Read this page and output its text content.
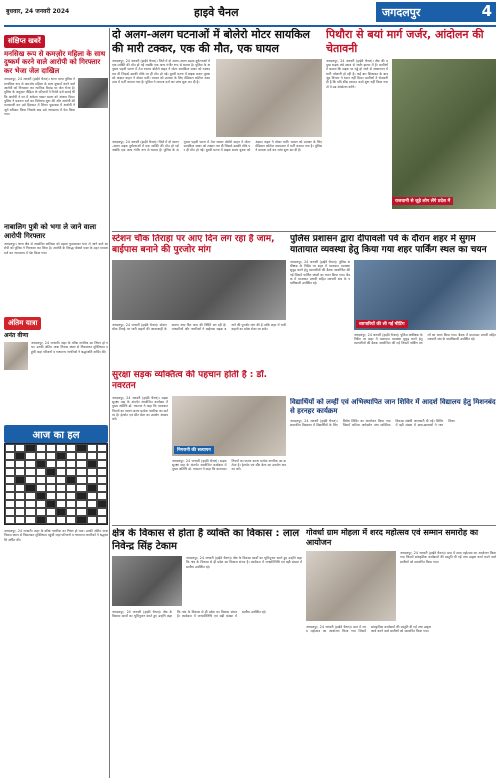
बुधवार, 24 जनवरी 2024	हाइवे चैनल	जगदलपुर	4
संक्षिप्त खबरें
मनसिख रूप से कमज़ोर महिला के साथ दुष्कर्म करने वाले आरोपी को गिरफ्तार कर भेजा जेल दाखिल
जगदलपुर, 24 जनवरी (हाईवे चैनल)। थाना परपा पुलिस ने मानसिक रूप से कमज़ोर महिला के साथ दुष्कर्म करने वाले आरोपी को गिरफ्तार कर न्यायिक रिमांड पर जेल भेजा है। पुलिस के अनुसार पीड़िता के परिजनों ने रिपोर्ट दर्ज कराई थी कि आरोपी ने घर में अकेला पाकर घटना को अंजाम दिया। पुलिस ने प्रकरण दर्ज कर विवेचना शुरू की और आरोपी की पतासाजी कर उसे हिरासत में लिया। पूछताछ में आरोपी ने जुर्म स्वीकार किया जिसके बाद उसे न्यायालय में पेश किया गया।
नाबालिग पुत्री को भगा ले जाने वाला आरोपी गिरफ्तार
जगदलपुर। थाना क्षेत्र से नाबालिग बालिका को बहला फुसलाकर भगा ले जाने वाले आरोपी को पुलिस ने गिरफ्तार कर लिया है। आरोपी के विरुद्ध पॉक्सो एक्ट के तहत मामला दर्ज कर न्यायालय में पेश किया गया।
अंतिम यात्रा
अनंत वीणा
जगदलपुर, 24 जनवरी। शहर के वरिष्ठ नागरिक का निधन हो गया। उनकी अंतिम यात्रा निवास स्थान से निकलकर मुक्तिधाम पहुंची जहां परिजनों व गणमान्य नागरिकों ने श्रद्धांजलि अर्पित की।
आज का हल
जगदलपुर, 24 जनवरी। शहर के वरिष्ठ नागरिक का निधन हो गया। उनकी अंतिम यात्रा निवास स्थान से निकलकर मुक्तिधाम पहुंची जहां परिजनों व गणमान्य नागरिकों ने श्रद्धांजलि अर्पित की।
दो अलग-अलग घटनाओं में बोलेरो मोटर सायकिल की मारी टक्कर, एक की मौत, एक घायल
जगदलपुर, 24 जनवरी (हाईवे चैनल)। जिले में दो अलग-अलग सड़क दुर्घटनाओं में एक व्यक्ति की मौत हो गई जबकि एक अन्य गंभीर रूप से घायल है। पुलिस के अनुसार पहली घटना में तेज रफ्तार बोलेरो वाहन ने मोटर सायकिल सवार को टक्कर मार दी जिससे उसकी मौके पर ही मौत हो गई। दूसरी घटना में बाइक सवार युवक को अज्ञात वाहन ने ठोकर मारी। घायल को उपचार के लिए मेडिकल कॉलेज अस्पताल में भर्ती कराया गया है। पुलिस ने मामला दर्ज कर जांच शुरू कर दी है।
जगदलपुर, 24 जनवरी (हाईवे चैनल)। जिले में दो अलग-अलग सड़क दुर्घटनाओं में एक व्यक्ति की मौत हो गई जबकि एक अन्य गंभीर रूप से घायल है। पुलिस के अनुसार पहली घटना में तेज रफ्तार बोलेरो वाहन ने मोटर सायकिल सवार को टक्कर मार दी जिससे उसकी मौके पर ही मौत हो गई। दूसरी घटना में बाइक सवार युवक को अज्ञात वाहन ने ठोकर मारी। घायल को उपचार के लिए मेडिकल कॉलेज अस्पताल में भर्ती कराया गया है। पुलिस ने मामला दर्ज कर जांच शुरू कर दी है।
पिथौरा से बयां मार्ग जर्जर, आंदोलन की चेतावनी
जगदलपुर, 24 जनवरी (हाईवे चैनल)। क्षेत्र की प्रमुख सड़क लंबे समय से जर्जर हालत में है। ग्रामीणों ने बताया कि सड़क पर गड्ढे हो जाने से आवागमन में भारी परेशानी हो रही है। कई बार शिकायत के बावजूद विभाग ने ध्यान नहीं दिया। ग्रामीणों ने चेतावनी दी है कि यदि शीघ्र मरम्मत कार्य शुरू नहीं किया गया तो वे उग्र आंदोलन करेंगे।
राजधानी से जुड़े लोग लेंगे प्रदेश में
स्टेशन चौक तिराहा पर आए दिन लग रहा है जाम, बाईपास बनाने की पुरजोर मांग
जगदलपुर, 24 जनवरी (हाईवे चैनल)। स्टेशन चौक तिराहे पर भारी वाहनों की आवाजाही के कारण आए दिन जाम की स्थिति बन रही है। व्यापारियों और नागरिकों ने बाईपास सड़क बनाने की पुरजोर मांग की है ताकि शहर में भारी वाहनों का प्रवेश रोका जा सके।
पुलिस प्रशासन द्वारा दीपावली पर्व के दौरान शहर में सुगम यातायात व्यवस्था हेतु किया गया शहर पार्किंग स्थल का चयन
जगदलपुर, 24 जनवरी (हाईवे चैनल)। पुलिस अधीक्षक के निर्देश पर शहर में यातायात व्यवस्था सुदृढ़ करने हेतु व्यापारियों की बैठक आयोजित की गई जिसमें पार्किंग स्थलों का चयन किया गया। बैठक में यातायात प्रभारी सहित व्यापारी संघ के पदाधिकारी उपस्थित रहे।
व्यापारियों की ली गई मीटिंग
जगदलपुर, 24 जनवरी (हाईवे चैनल)। पुलिस अधीक्षक के निर्देश पर शहर में यातायात व्यवस्था सुदृढ़ करने हेतु व्यापारियों की बैठक आयोजित की गई जिसमें पार्किंग स्थलों का चयन किया गया। बैठक में यातायात प्रभारी सहित व्यापारी संघ के पदाधिकारी उपस्थित रहे।
सुरक्षा सड़क व्यक्तित्व की पहचान होती है : डॉ. नवरतन
जगदलपुर, 24 जनवरी (हाईवे चैनल)। सड़क सुरक्षा माह के अंतर्गत आयोजित कार्यक्रम में मुख्य अतिथि डॉ. नवरतन ने कहा कि यातायात नियमों का पालन करना प्रत्येक नागरिक का कर्तव्य है। हेलमेट एवं सीट बेल्ट का उपयोग अवश्य करें।
निगरानी की सत्यापन
जगदलपुर, 24 जनवरी (हाईवे चैनल)। सड़क सुरक्षा माह के अंतर्गत आयोजित कार्यक्रम में मुख्य अतिथि डॉ. नवरतन ने कहा कि यातायात नियमों का पालन करना प्रत्येक नागरिक का कर्तव्य है। हेलमेट एवं सीट बेल्ट का उपयोग अवश्य करें।
विद्यार्थियों को लम्हीं एवं अभिस्थापित जान शिविर में आदर्श विद्यालय हेतु मिशनबंद से हरनहर कार्यक्रम
जगदलपुर, 24 जनवरी (हाईवे चैनल)। शासकीय विद्यालय में विद्यार्थियों के लिए विशेष शिविर का आयोजन किया गया जिसमें करियर मार्गदर्शन तथा व्यक्तित्व विकास संबंधी जानकारी दी गई। शिविर में बड़ी संख्या में छात्र-छात्राओं ने भाग लिया।
क्षेत्र के विकास से होता है व्यक्ति का विकास : लाल निवेन्द्र सिंह टेकाम
जगदलपुर, 24 जनवरी (हाईवे चैनल)। क्षेत्र के विकास कार्यों का भूमिपूजन करते हुए उन्होंने कहा कि गांव के विकास से ही प्रदेश का विकास संभव है। कार्यक्रम में जनप्रतिनिधि एवं बड़ी संख्या में ग्रामीण उपस्थित रहे।
जगदलपुर, 24 जनवरी (हाईवे चैनल)। क्षेत्र के विकास कार्यों का भूमिपूजन करते हुए उन्होंने कहा कि गांव के विकास से ही प्रदेश का विकास संभव है। कार्यक्रम में जनप्रतिनिधि एवं बड़ी संख्या में ग्रामीण उपस्थित रहे।
गोवर्धा ग्राम मोहला में शरद महोत्सव एवं सम्मान समारोह का आयोजन
जगदलपुर, 24 जनवरी (हाईवे चैनल)। ग्राम में शरद महोत्सव का आयोजन किया गया जिसमें सांस्कृतिक कार्यक्रमों की प्रस्तुति दी गई तथा उत्कृष्ट कार्य करने वाले ग्रामीणों को सम्मानित किया गया।
जगदलपुर, 24 जनवरी (हाईवे चैनल)। ग्राम में शरद महोत्सव का आयोजन किया गया जिसमें सांस्कृतिक कार्यक्रमों की प्रस्तुति दी गई तथा उत्कृष्ट कार्य करने वाले ग्रामीणों को सम्मानित किया गया।
